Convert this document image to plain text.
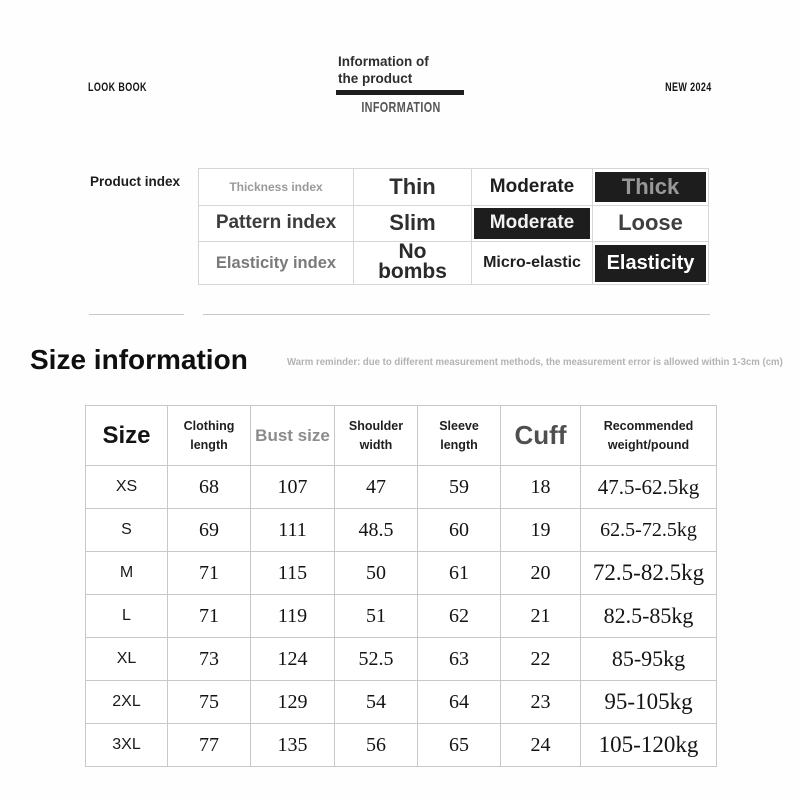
LOOK BOOK
Information of
the product
INFORMATION
NEW 2024
Product index	Thickness index	Thin	Moderate	Thick

Pattern index	Slim	Moderate	Loose
Elasticity index	No bombs	Micro-elastic	Elasticity
Size information	Warm reminder: due to different measurement methods, the measurement error is allowed within 1-3cm (cm)
Size	Clothing length	Bust size	Shoulder width	Sleeve length	Cuff	Recommended weight/pound
XS	68	107	47	59	18	47.5-62.5kg
S	69	111	48.5	60	19	62.5-72.5kg
M	71	115	50	61	20	72.5-82.5kg
L	71	119	51	62	21	82.5-85kg
XL	73	124	52.5	63	22	85-95kg
2XL	75	129	54	64	23	95-105kg
3XL	77	135	56	65	24	105-120kg
